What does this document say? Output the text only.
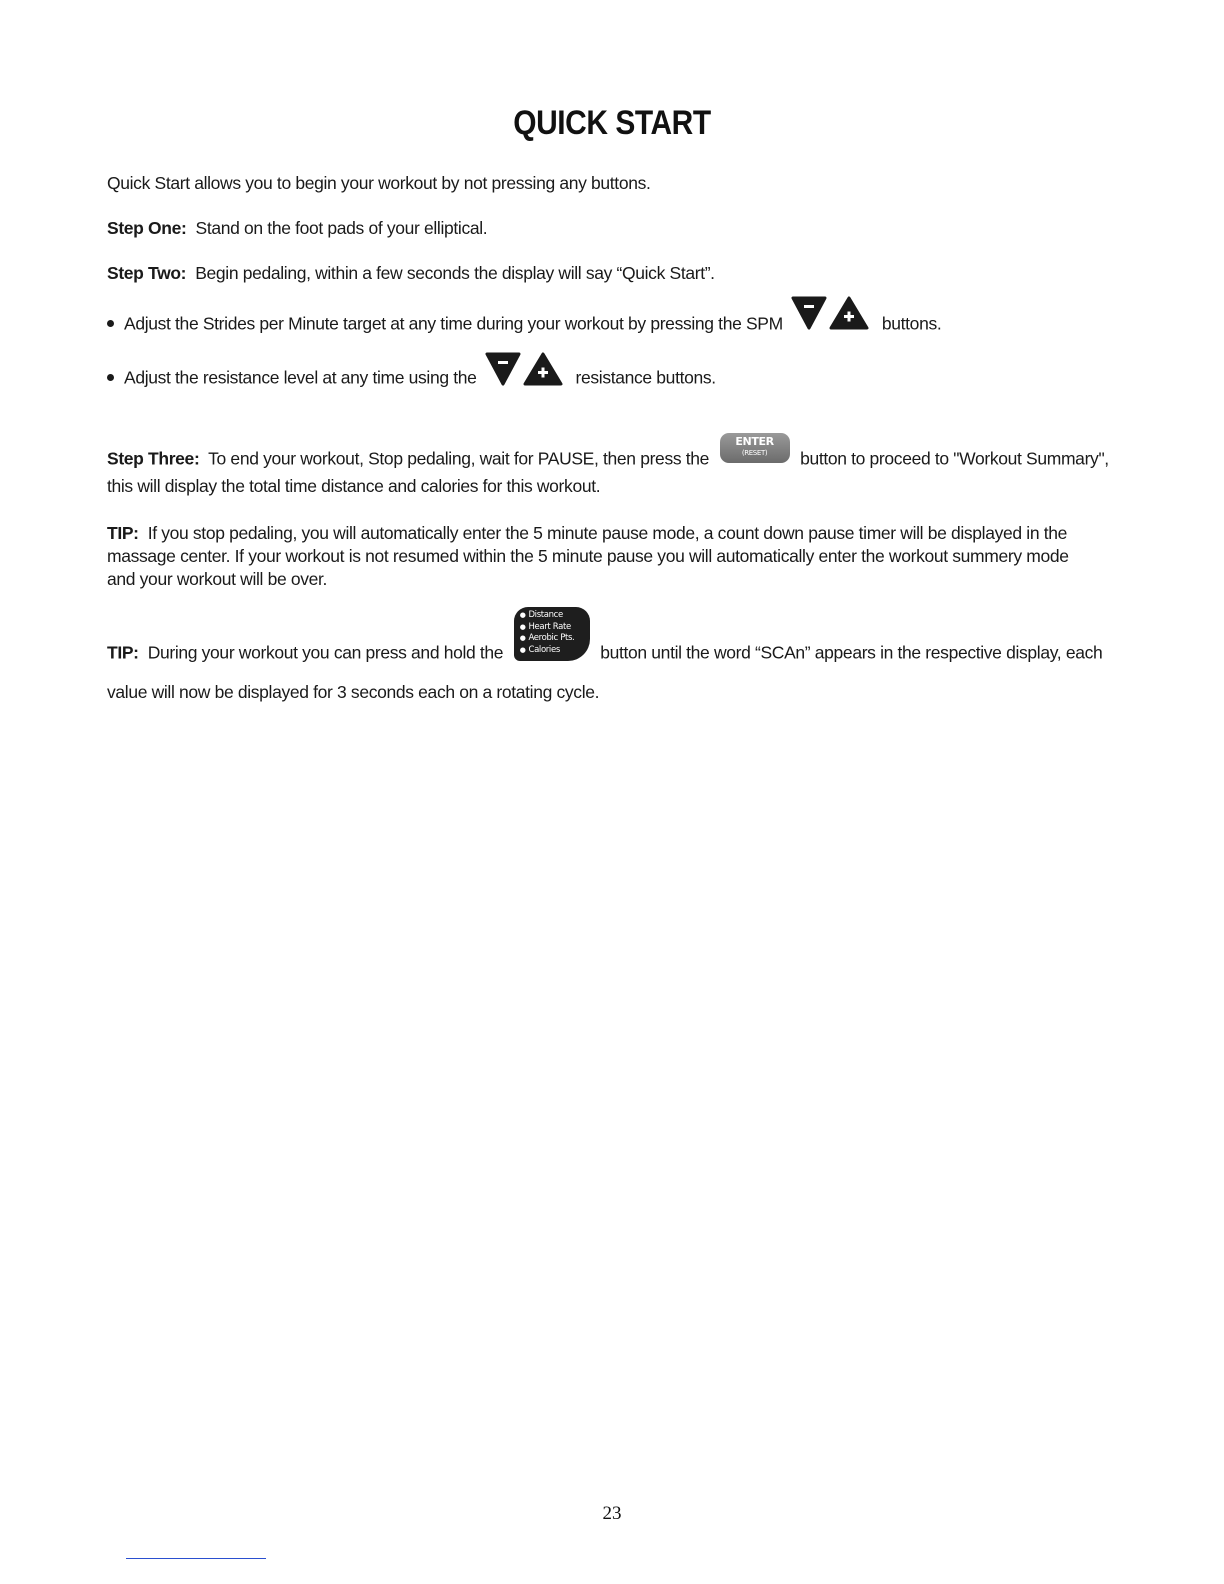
QUICK START
Quick Start allows you to begin your workout by not pressing any buttons.
Step One: Stand on the foot pads of your elliptical.
Step Two: Begin pedaling, within a few seconds the display will say “Quick Start”.
Adjust the Strides per Minute target at any time during your workout by pressing the SPM	buttons.
Adjust the resistance level at any time using the	resistance buttons.
Step Three: To end your workout, Stop pedaling, wait for PAUSE, then press the
ENTER
(RESET)	button to proceed to "Workout Summary",
this will display the total time distance and calories for this workout.
TIP: If you stop pedaling, you will automatically enter the 5 minute pause mode, a count down pause timer will be displayed in the massage center. If your workout is not resumed within the 5 minute pause you will automatically enter the workout summery mode and your workout will be over.
TIP: During your workout you can press and hold the
● Distance
● Heart Rate
● Aerobic Pts.
● Calories	button until the word “SCAn” appears in the respective display, each
value will now be displayed for 3 seconds each on a rotating cycle.
23
